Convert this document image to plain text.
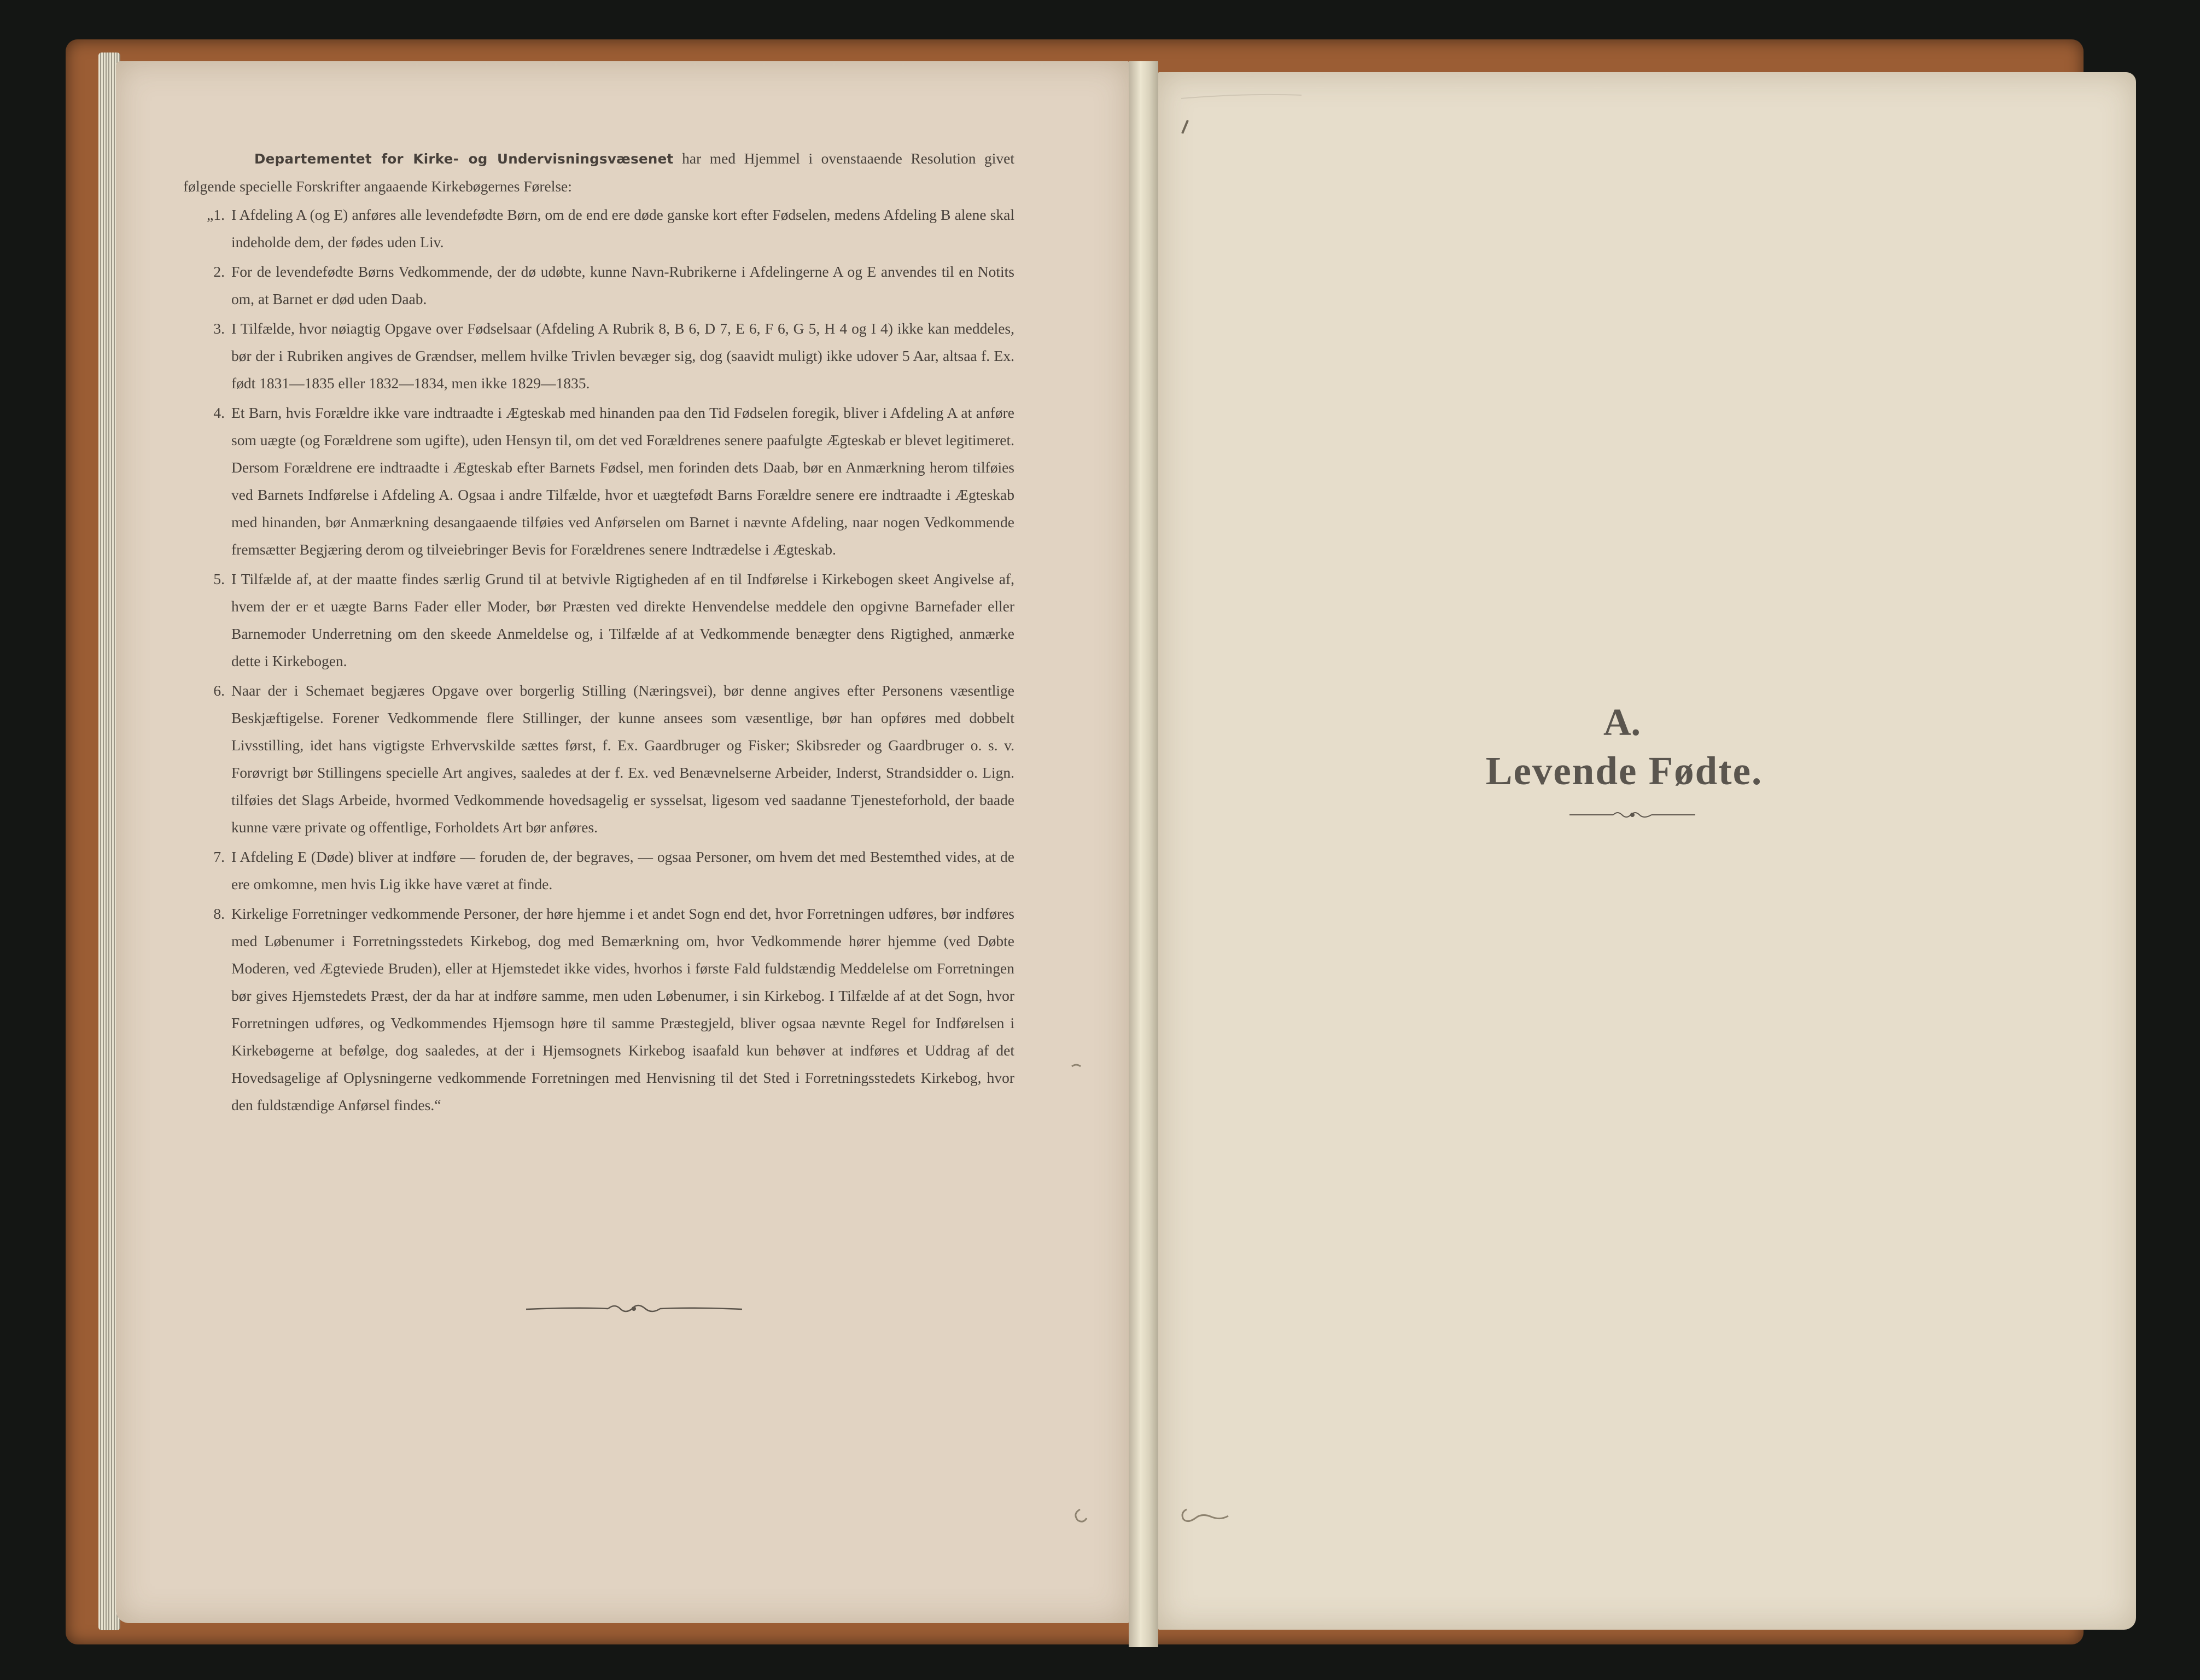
Departementet for Kirke- og Undervisningsvæsenet har med Hjemmel i ovenstaaende Resolution givet følgende specielle Forskrifter angaaende Kirkebøgernes Førelse:

„1. I Afdeling A (og E) anføres alle levendefødte Børn, om de end ere døde ganske kort efter Fødselen, medens Afdeling B alene skal indeholde dem, der fødes uden Liv.
2. For de levendefødte Børns Vedkommende, der dø udøbte, kunne Navn-Rubrikerne i Afdelingerne A og E anvendes til en Notits om, at Barnet er død uden Daab.
3. I Tilfælde, hvor nøiagtig Opgave over Fødselsaar (Afdeling A Rubrik 8, B 6, D 7, E 6, F 6, G 5, H 4 og I 4) ikke kan meddeles, bør der i Rubriken angives de Grændser, mellem hvilke Trivlen bevæger sig, dog (saavidt muligt) ikke udover 5 Aar, altsaa f. Ex. født 1831—1835 eller 1832—1834, men ikke 1829—1835.
4. Et Barn, hvis Forældre ikke vare indtraadte i Ægteskab med hinanden paa den Tid Fødselen foregik, bliver i Afdeling A at anføre som uægte (og Forældrene som ugifte), uden Hensyn til, om det ved Forældrenes senere paafulgte Ægteskab er blevet legitimeret. Dersom Forældrene ere indtraadte i Ægteskab efter Barnets Fødsel, men forinden dets Daab, bør en Anmærkning herom tilføies ved Barnets Indførelse i Afdeling A. Ogsaa i andre Tilfælde, hvor et uægtefødt Barns Forældre senere ere indtraadte i Ægteskab med hinanden, bør Anmærkning desangaaende tilføies ved Anførselen om Barnet i nævnte Afdeling, naar nogen Vedkommende fremsætter Begjæring derom og tilveiebringer Bevis for Forældrenes senere Indtrædelse i Ægteskab.
5. I Tilfælde af, at der maatte findes særlig Grund til at betvivle Rigtigheden af en til Indførelse i Kirkebogen skeet Angivelse af, hvem der er et uægte Barns Fader eller Moder, bør Præsten ved direkte Henvendelse meddele den opgivne Barnefader eller Barnemoder Underretning om den skeede Anmeldelse og, i Tilfælde af at Vedkommende benægter dens Rigtighed, anmærke dette i Kirkebogen.
6. Naar der i Schemaet begjæres Opgave over borgerlig Stilling (Næringsvei), bør denne angives efter Personens væsentlige Beskjæftigelse. Forener Vedkommende flere Stillinger, der kunne ansees som væsentlige, bør han opføres med dobbelt Livsstilling, idet hans vigtigste Erhvervskilde sættes først, f. Ex. Gaardbruger og Fisker; Skibsreder og Gaardbruger o. s. v. Forøvrigt bør Stillingens specielle Art angives, saaledes at der f. Ex. ved Benævnelserne Arbeider, Inderst, Strandsidder o. Lign. tilføies det Slags Arbeide, hvormed Vedkommende hovedsagelig er sysselsat, ligesom ved saadanne Tjenesteforhold, der baade kunne være private og offentlige, Forholdets Art bør anføres.
7. I Afdeling E (Døde) bliver at indføre — foruden de, der begraves, — ogsaa Personer, om hvem det med Bestemthed vides, at de ere omkomne, men hvis Lig ikke have været at finde.
8. Kirkelige Forretninger vedkommende Personer, der høre hjemme i et andet Sogn end det, hvor Forretningen udføres, bør indføres med Løbenumer i Forretningsstedets Kirkebog, dog med Bemærkning om, hvor Vedkommende hører hjemme (ved Døbte Moderen, ved Ægteviede Bruden), eller at Hjemstedet ikke vides, hvorhos i første Fald fuldstændig Meddelelse om Forretningen bør gives Hjemstedets Præst, der da har at indføre samme, men uden Løbenumer, i sin Kirkebog. I Tilfælde af at det Sogn, hvor Forretningen udføres, og Vedkommendes Hjemsogn høre til samme Præstegjeld, bliver ogsaa nævnte Regel for Indførelsen i Kirkebøgerne at befølge, dog saaledes, at der i Hjemsognets Kirkebog isaafald kun behøver at indføres et Uddrag af det Hovedsagelige af Oplysningerne vedkommende Forretningen med Henvisning til det Sted i Forretningsstedets Kirkebog, hvor den fuldstændige Anførsel findes.“
A.
Levende Fødte.
